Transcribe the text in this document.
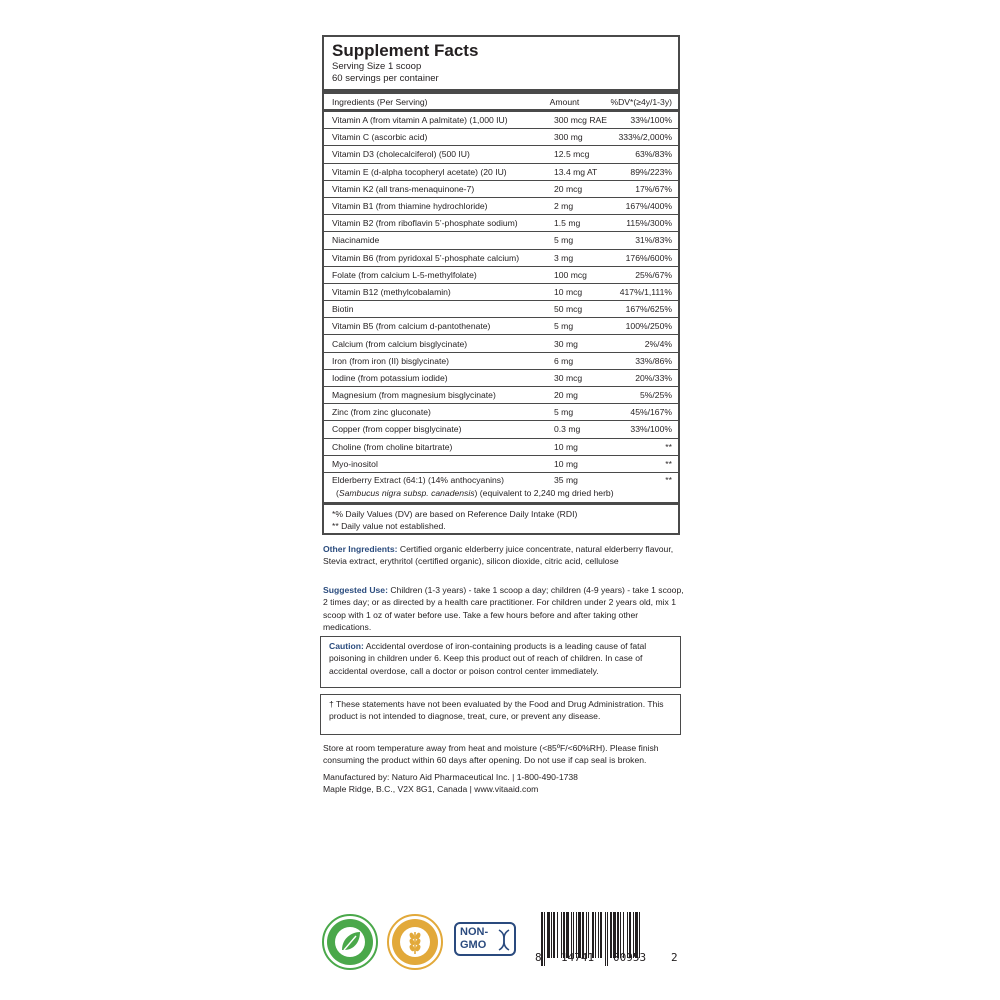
Supplement Facts
Serving Size 1 scoop
60 servings per container
Ingredients (Per Serving)	Amount	%DV*(≥4y/1-3y)
Vitamin A (from vitamin A palmitate) (1,000 IU)	300 mcg RAE	33%/100%
Vitamin C (ascorbic acid)	300 mg	333%/2,000%
Vitamin D3 (cholecalciferol) (500 IU)	12.5 mcg	63%/83%
Vitamin E (d-alpha tocopheryl acetate) (20 IU)	13.4 mg AT	89%/223%
Vitamin K2 (all trans-menaquinone-7)	20 mcg	17%/67%
Vitamin B1 (from thiamine hydrochloride)	2 mg	167%/400%
Vitamin B2 (from riboflavin 5’-phosphate sodium)	1.5 mg	115%/300%
Niacinamide	5 mg	31%/83%
Vitamin B6 (from pyridoxal 5’-phosphate calcium)	3 mg	176%/600%
Folate (from calcium L-5-methylfolate)	100 mcg	25%/67%
Vitamin B12 (methylcobalamin)	10 mcg	417%/1,111%
Biotin	50 mcg	167%/625%
Vitamin B5 (from calcium d-pantothenate)	5 mg	100%/250%
Calcium (from calcium bisglycinate)	30 mg	2%/4%
Iron (from iron (II) bisglycinate)	6 mg	33%/86%
Iodine (from potassium iodide)	30 mcg	20%/33%
Magnesium (from magnesium bisglycinate)	20 mg	5%/25%
Zinc (from zinc gluconate)	5 mg	45%/167%
Copper (from copper bisglycinate)	0.3 mg	33%/100%
Choline (from choline bitartrate)	10 mg	**
Myo-inositol	10 mg	**
Elderberry Extract (64:1) (14% anthocyanins)	35 mg	**
(Sambucus nigra subsp. canadensis) (equivalent to 2,240 mg dried herb)
*% Daily Values (DV) are based on Reference Daily Intake (RDI)
** Daily value not established.
Other Ingredients: Certified organic elderberry juice concentrate, natural elderberry flavour, Stevia extract, erythritol (certified organic), silicon dioxide, citric acid, cellulose
Suggested Use: Children (1-3 years) - take 1 scoop a day; children (4-9 years) - take 1 scoop, 2 times day; or as directed by a health care practitioner. For children under 2 years old, mix 1 scoop with 1 oz of water before use. Take a few hours before and after taking other medications.
Caution: Accidental overdose of iron-containing products is a leading cause of fatal poisoning in children under 6. Keep this product out of reach of children. In case of accidental overdose, call a doctor or poison control center immediately.
† These statements have not been evaluated by the Food and Drug Administration. This product is not intended to diagnose, treat, cure, or prevent any disease.
Store at room temperature away from heat and moisture (<85ºF/<60%RH). Please finish consuming the product within 60 days after opening. Do not use if cap seal is broken.
Manufactured by: Naturo Aid Pharmaceutical Inc. | 1-800-490-1738
Maple Ridge, B.C., V2X 8G1, Canada | www.vitaaid.com
NON-
GMO
8 14741 00953 2
